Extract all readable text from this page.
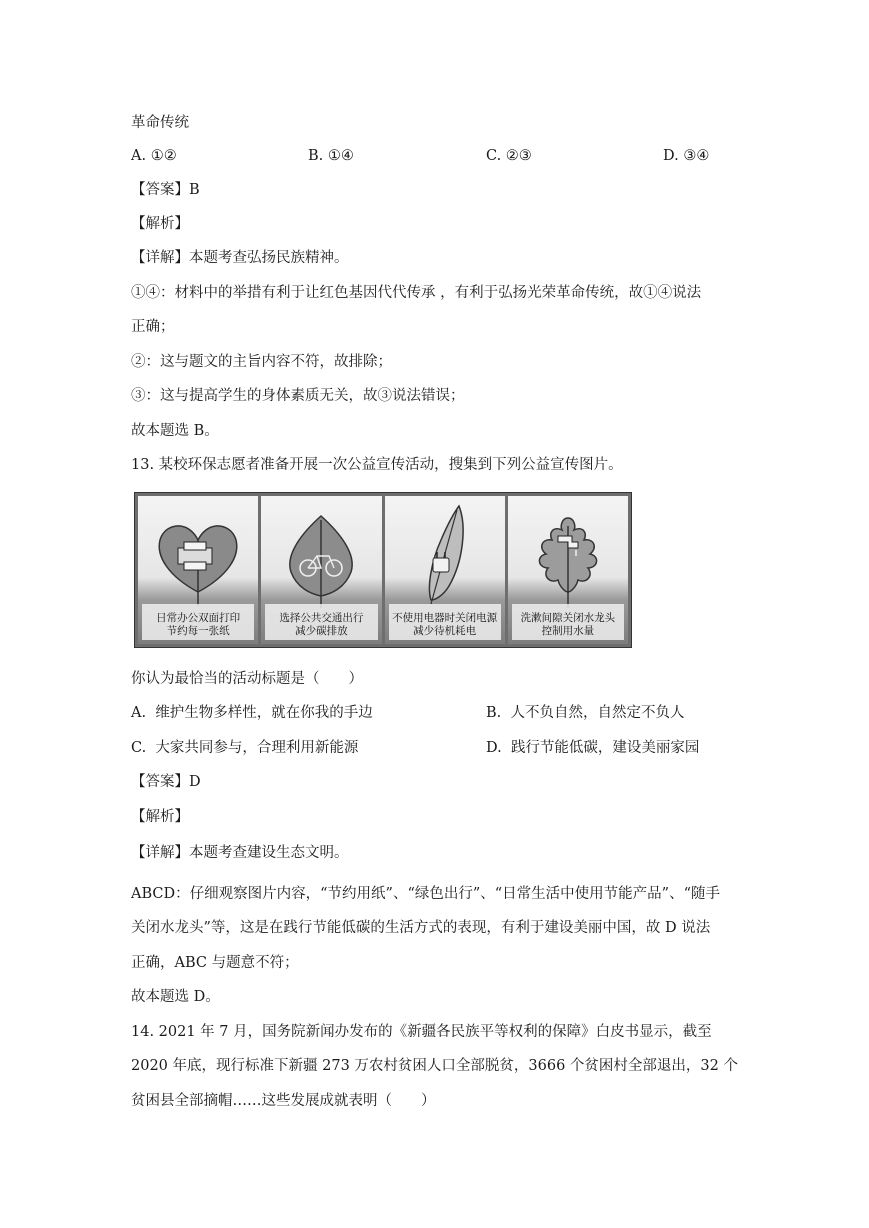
革命传统
A. ①②	B. ①④	C. ②③	D. ③④
【答案】B
【解析】
【详解】本题考查弘扬民族精神。
①④：材料中的举措有利于让红色基因代代传承 ，有利于弘扬光荣革命传统，故①④说法
正确；
②：这与题文的主旨内容不符，故排除；
③：这与提高学生的身体素质无关，故③说法错误；
故本题选 B。
13. 某校环保志愿者准备开展一次公益宣传活动，搜集到下列公益宣传图片。
日常办公双面打印
节约每一张纸
选择公共交通出行
减少碳排放
不使用电器时关闭电源
减少待机耗电
洗漱间隙关闭水龙头
控制用水量
你认为最恰当的活动标题是（　　）
A. 维护生物多样性，就在你我的手边	B. 人不负自然，自然定不负人
C. 大家共同参与，合理利用新能源	D. 践行节能低碳，建设美丽家园
【答案】D
【解析】
【详解】本题考查建设生态文明。
ABCD：仔细观察图片内容，“节约用纸”、“绿色出行”、“日常生活中使用节能产品”、“随手
关闭水龙头”等，这是在践行节能低碳的生活方式的表现，有利于建设美丽中国，故 D 说法
正确，ABC 与题意不符；
故本题选 D。
14. 2021 年 7 月，国务院新闻办发布的《新疆各民族平等权利的保障》白皮书显示，截至
2020 年底，现行标准下新疆 273 万农村贫困人口全部脱贫，3666 个贫困村全部退出，32 个
贫困县全部摘帽……这些发展成就表明（　　）
